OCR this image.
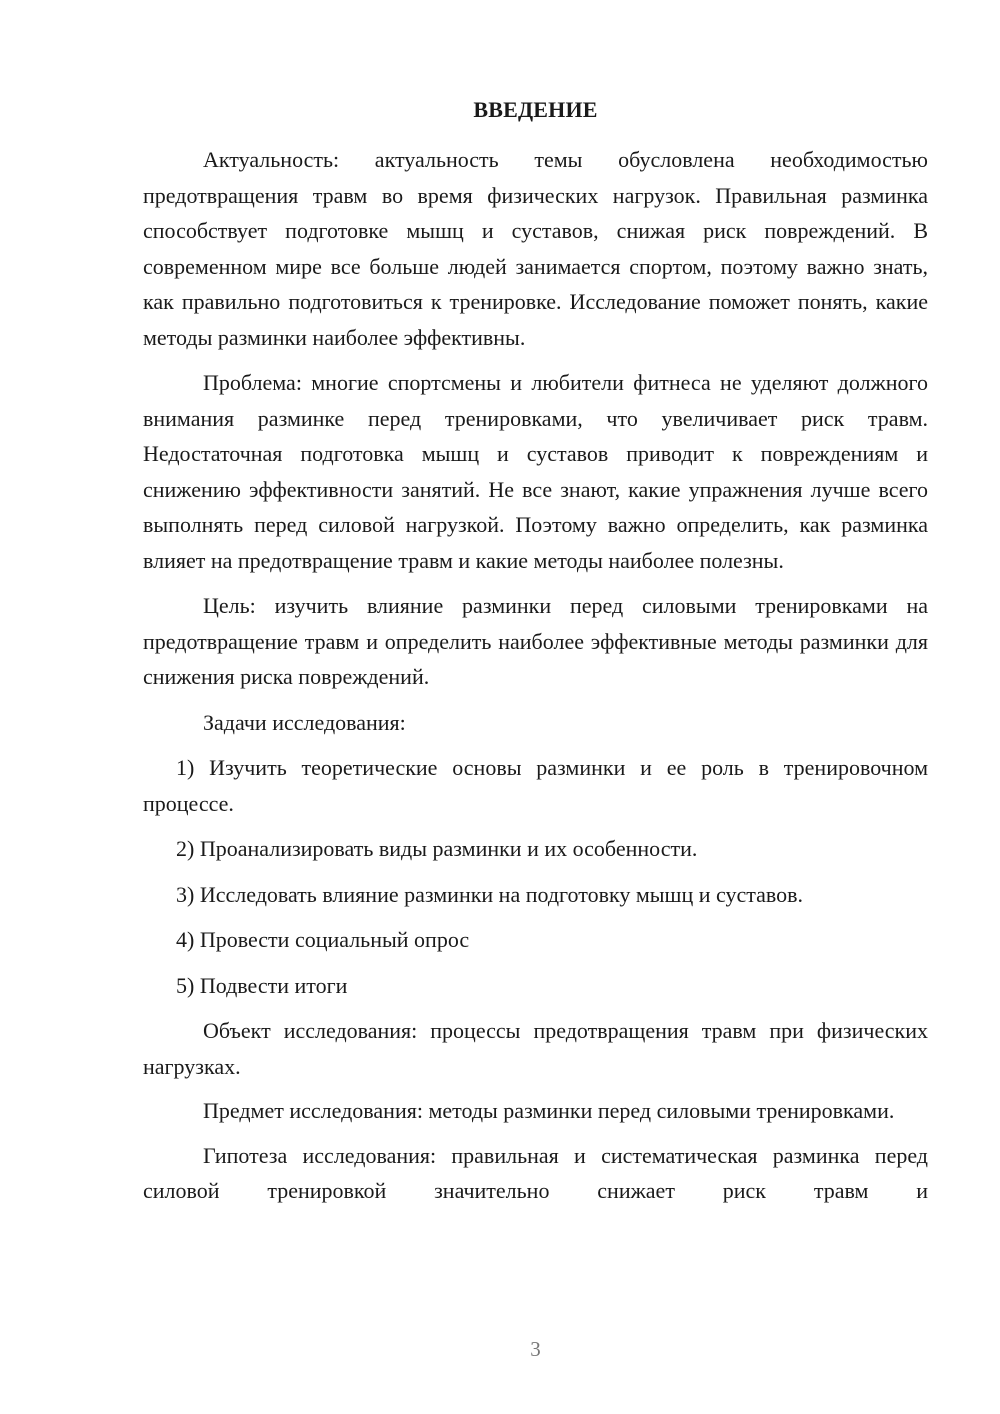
ВВЕДЕНИЕ

Актуальность: актуальность темы обусловлена необходимостью предотвращения травм во время физических нагрузок. Правильная разминка способствует подготовке мышц и суставов, снижая риск повреждений. В современном мире все больше людей занимается спортом, поэтому важно знать, как правильно подготовиться к тренировке. Исследование поможет понять, какие методы разминки наиболее эффективны.

Проблема: многие спортсмены и любители фитнеса не уделяют должного внимания разминке перед тренировками, что увеличивает риск травм. Недостаточная подготовка мышц и суставов приводит к повреждениям и снижению эффективности занятий. Не все знают, какие упражнения лучше всего выполнять перед силовой нагрузкой. Поэтому важно определить, как разминка влияет на предотвращение травм и какие методы наиболее полезны.

Цель: изучить влияние разминки перед силовыми тренировками на предотвращение травм и определить наиболее эффективные методы разминки для снижения риска повреждений.

Задачи исследования:

1) Изучить теоретические основы разминки и ее роль в тренировочном процессе.

2) Проанализировать виды разминки и их особенности.

3) Исследовать влияние разминки на подготовку мышц и суставов.

4) Провести социальный опрос

5) Подвести итоги

Объект исследования: процессы предотвращения травм при физических нагрузках.

Предмет исследования: методы разминки перед силовыми тренировками.

Гипотеза исследования: правильная и систематическая разминка перед силовой тренировкой значительно снижает риск травм и

3
